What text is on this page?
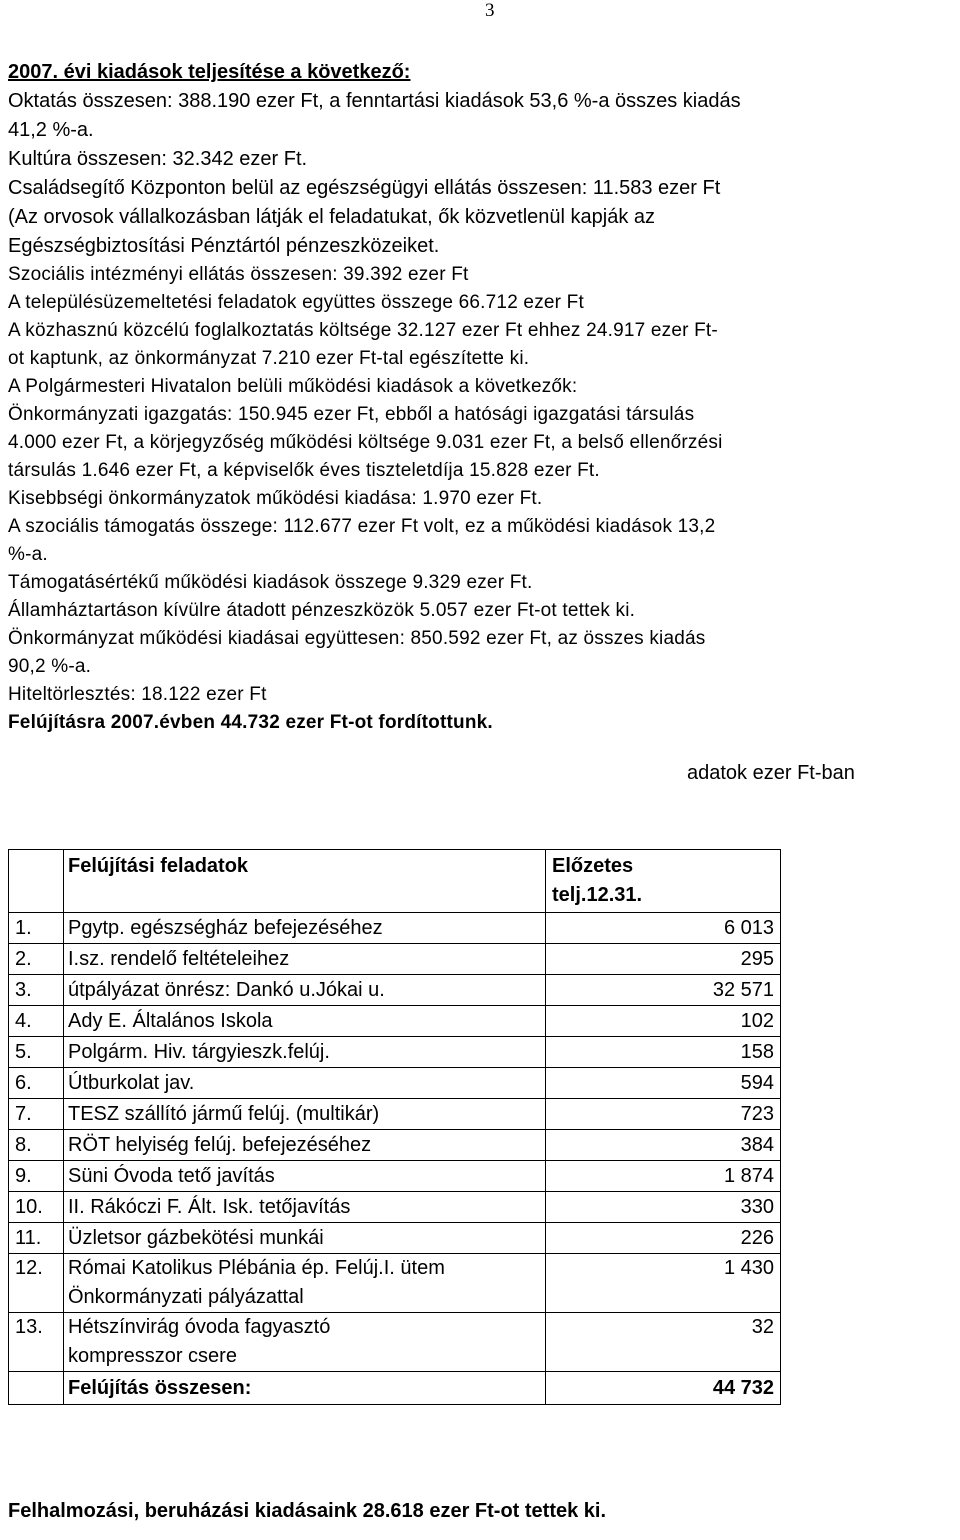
3
2007. évi kiadások teljesítése a következő:
Oktatás összesen: 388.190 ezer Ft, a fenntartási kiadások 53,6 %-a összes kiadás
41,2 %-a.
Kultúra összesen: 32.342 ezer Ft.
Családsegítő Központon belül az egészségügyi ellátás összesen: 11.583 ezer Ft
(Az orvosok vállalkozásban látják el feladatukat, ők közvetlenül kapják az
Egészségbiztosítási Pénztártól pénzeszközeiket.
Szociális intézményi ellátás összesen: 39.392 ezer Ft
A településüzemeltetési feladatok együttes összege 66.712 ezer Ft
A közhasznú közcélú foglalkoztatás költsége 32.127 ezer Ft ehhez 24.917 ezer Ft-
ot kaptunk, az önkormányzat 7.210 ezer Ft-tal egészítette ki.
A Polgármesteri Hivatalon belüli működési kiadások a következők:
Önkormányzati igazgatás: 150.945 ezer Ft, ebből a hatósági igazgatási társulás
4.000 ezer Ft, a körjegyzőség működési költsége 9.031 ezer Ft, a belső ellenőrzési
társulás 1.646 ezer Ft, a képviselők éves tiszteletdíja 15.828 ezer Ft.
Kisebbségi önkormányzatok működési kiadása: 1.970 ezer Ft.
A szociális támogatás összege: 112.677 ezer Ft volt, ez a működési kiadások 13,2
%-a.
Támogatásértékű működési kiadások összege 9.329 ezer Ft.
Államháztartáson kívülre átadott pénzeszközök 5.057 ezer Ft-ot tettek ki.
Önkormányzat működési kiadásai együttesen: 850.592 ezer Ft, az összes kiadás
90,2 %-a.
Hiteltörlesztés: 18.122 ezer Ft
Felújításra 2007.évben 44.732 ezer Ft-ot fordítottunk.
	Felújítási feladatok	Előzetes
telj.12.31.

1.	Pgytp. egészségház befejezéséhez	6 013
2.	I.sz. rendelő feltételeihez	295
3.	útpályázat önrész: Dankó u.Jókai u.	32 571
4.	Ady E. Általános Iskola	102
5.	Polgárm. Hiv. tárgyieszk.felúj.	158
6.	Útburkolat jav.	594
7.	TESZ szállító jármű felúj. (multikár)	723
8.	RÖT helyiség felúj. befejezéséhez	384
9.	Süni Óvoda tető javítás	1 874
10.	II. Rákóczi F. Ált. Isk. tetőjavítás	330
11.	Üzletsor gázbekötési munkái	226
12.	Római Katolikus Plébánia ép. Felúj.I. ütem
Önkormányzati pályázattal	1 430
13.	Hétszínvirág óvoda fagyasztó
kompresszor csere	32
	Felújítás összesen:	44 732
adatok ezer Ft-ban
Felhalmozási, beruházási kiadásaink 28.618 ezer Ft-ot tettek ki.
